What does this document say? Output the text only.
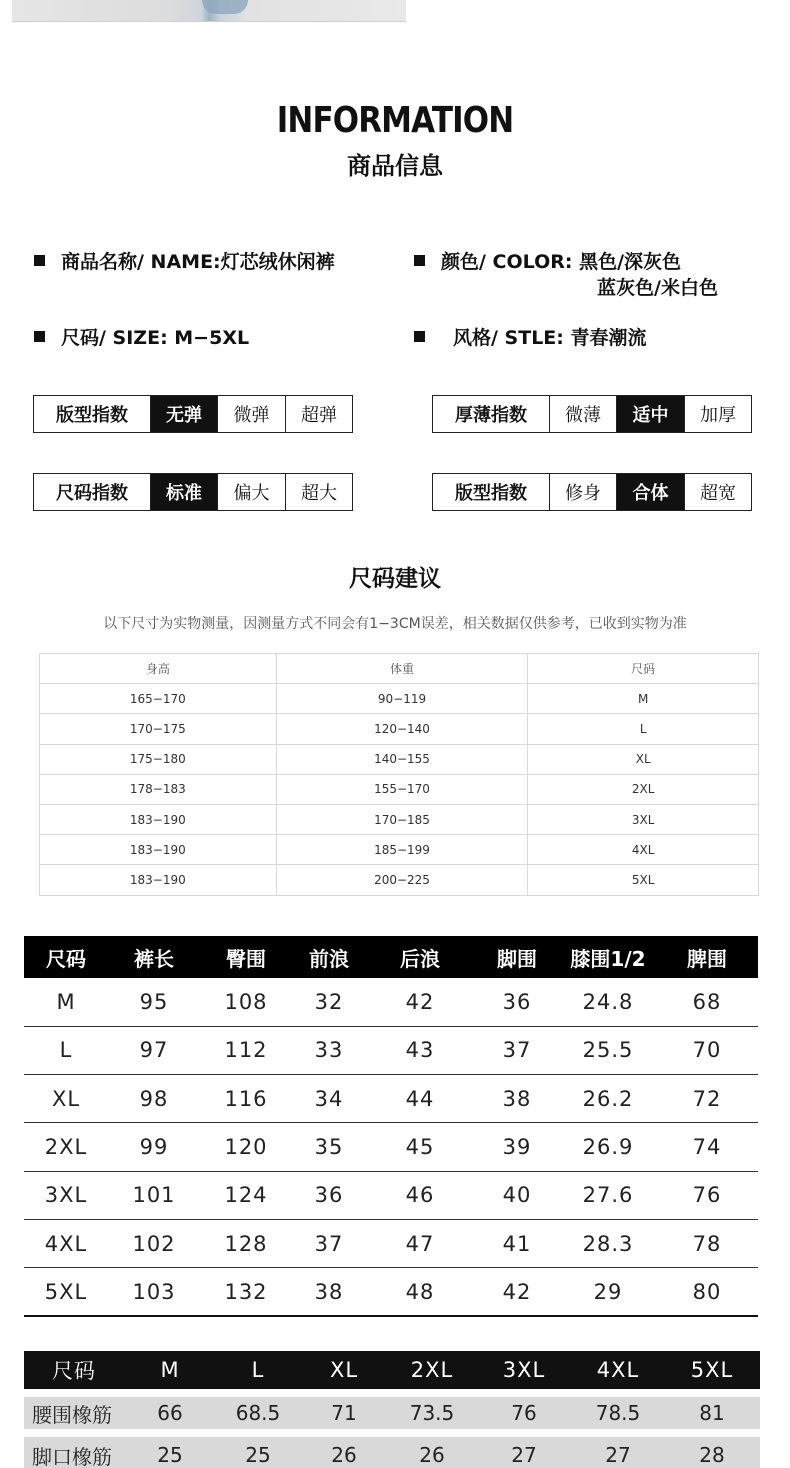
INFORMATION
商品信息
商品名称/ NAME:灯芯绒休闲裤	颜色/ COLOR: 黑色/深灰色
蓝灰色/米白色
尺码/ SIZE: M−5XL	风格/ STLE: 青春潮流
版型指数	无弹	微弹	超弹	厚薄指数	微薄	适中	加厚
尺码指数	标准	偏大	超大	版型指数	修身	合体	超宽
尺码建议
以下尺寸为实物测量，因测量方式不同会有1−3CM误差，相关数据仅供参考，已收到实物为准
身高	体重	尺码
165−170	90−119	M
170−175	120−140	L
175−180	140−155	XL
178−183	155−170	2XL
183−190	170−185	3XL
183−190	185−199	4XL
183−190	200−225	5XL
尺码	裤长	臀围	前浪	后浪	脚围	膝围1/2	脾围
M	95	108	32	42	36	24.8	68
L	97	112	33	43	37	25.5	70
XL	98	116	34	44	38	26.2	72
2XL	99	120	35	45	39	26.9	74
3XL	101	124	36	46	40	27.6	76
4XL	102	128	37	47	41	28.3	78
5XL	103	132	38	48	42	29	80
尺码	M	L	XL	2XL	3XL	4XL	5XL
腰围橡筋	66	68.5	71	73.5	76	78.5	81
脚口橡筋	25	25	26	26	27	27	28
